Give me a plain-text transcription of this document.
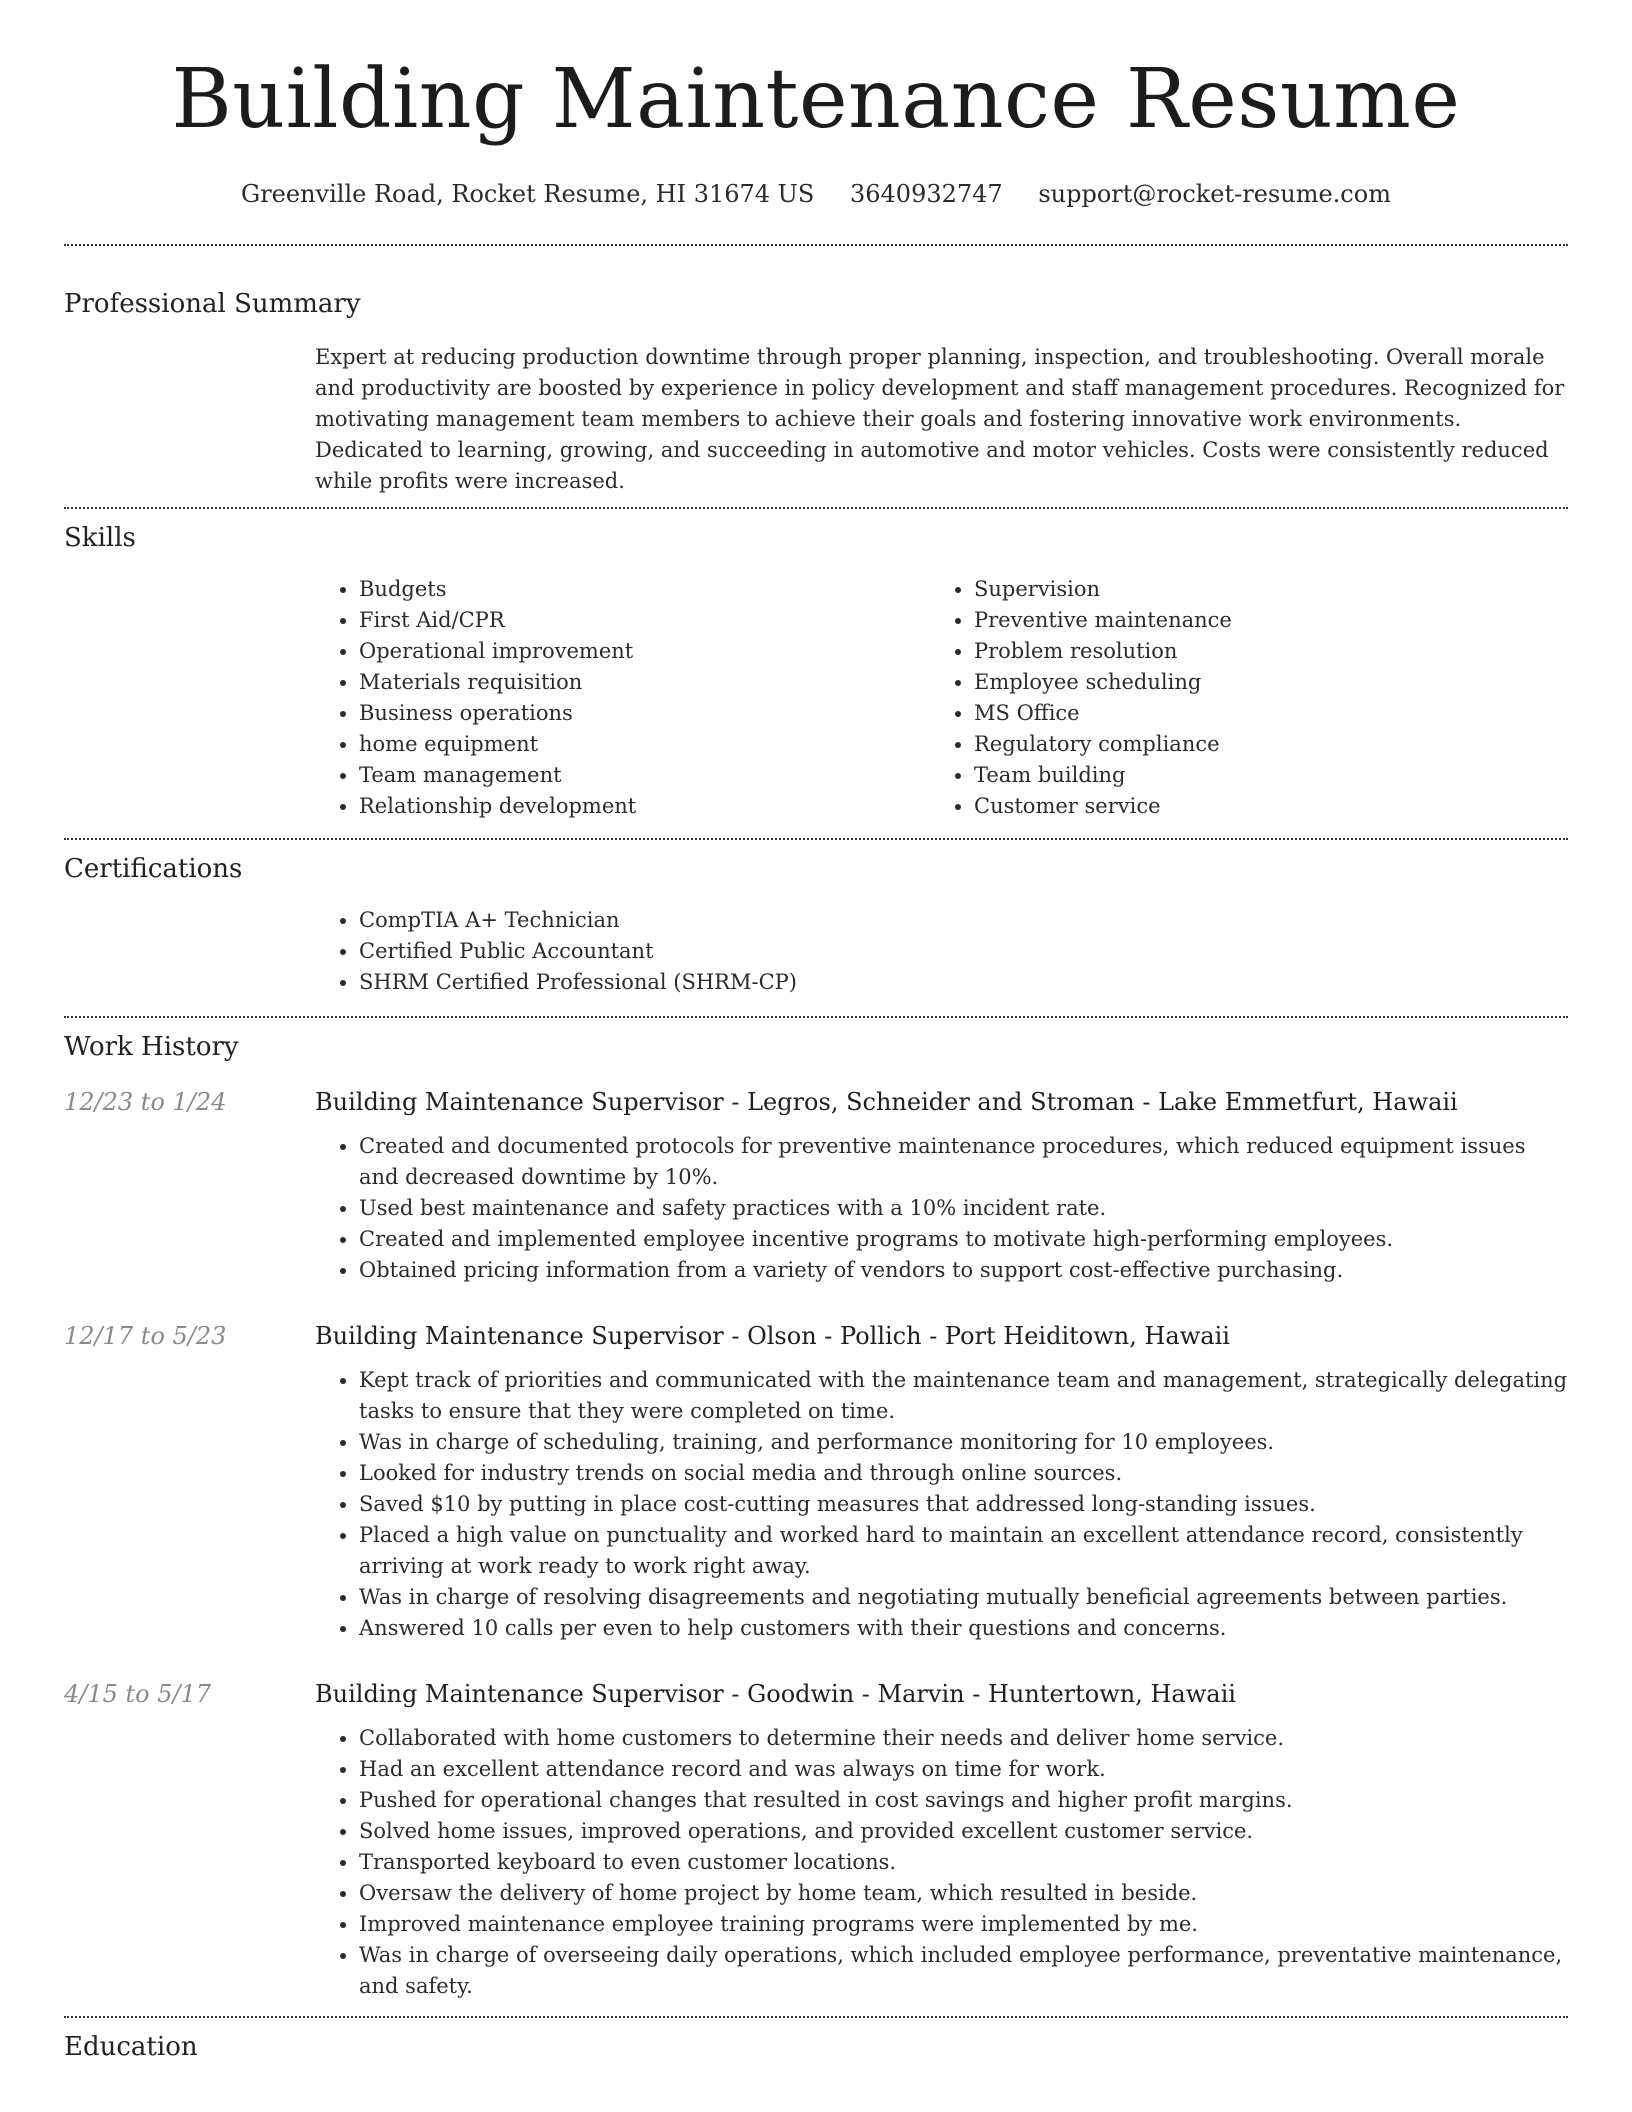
Building Maintenance Resume
Greenville Road, Rocket Resume, HI 31674 US 3640932747 support@rocket-resume.com
Professional Summary
Expert at reducing production downtime through proper planning, inspection, and troubleshooting. Overall morale and productivity are boosted by experience in policy development and staff management procedures. Recognized for motivating management team members to achieve their goals and fostering innovative work environments. Dedicated to learning, growing, and succeeding in automotive and motor vehicles. Costs were consistently reduced while profits were increased.
Skills
• Budgets
• First Aid/CPR
• Operational improvement
• Materials requisition
• Business operations
• home equipment
• Team management
• Relationship development
• Supervision
• Preventive maintenance
• Problem resolution
• Employee scheduling
• MS Office
• Regulatory compliance
• Team building
• Customer service
Certifications
• CompTIA A+ Technician
• Certified Public Accountant
• SHRM Certified Professional (SHRM-CP)
Work History
12/23 to 1/24	Building Maintenance Supervisor - Legros, Schneider and Stroman - Lake Emmetfurt, Hawaii
• Created and documented protocols for preventive maintenance procedures, which reduced equipment issues and decreased downtime by 10%.
• Used best maintenance and safety practices with a 10% incident rate.
• Created and implemented employee incentive programs to motivate high-performing employees.
• Obtained pricing information from a variety of vendors to support cost-effective purchasing.
12/17 to 5/23	Building Maintenance Supervisor - Olson - Pollich - Port Heiditown, Hawaii
• Kept track of priorities and communicated with the maintenance team and management, strategically delegating tasks to ensure that they were completed on time.
• Was in charge of scheduling, training, and performance monitoring for 10 employees.
• Looked for industry trends on social media and through online sources.
• Saved $10 by putting in place cost-cutting measures that addressed long-standing issues.
• Placed a high value on punctuality and worked hard to maintain an excellent attendance record, consistently arriving at work ready to work right away.
• Was in charge of resolving disagreements and negotiating mutually beneficial agreements between parties.
• Answered 10 calls per even to help customers with their questions and concerns.
4/15 to 5/17	Building Maintenance Supervisor - Goodwin - Marvin - Huntertown, Hawaii
• Collaborated with home customers to determine their needs and deliver home service.
• Had an excellent attendance record and was always on time for work.
• Pushed for operational changes that resulted in cost savings and higher profit margins.
• Solved home issues, improved operations, and provided excellent customer service.
• Transported keyboard to even customer locations.
• Oversaw the delivery of home project by home team, which resulted in beside.
• Improved maintenance employee training programs were implemented by me.
• Was in charge of overseeing daily operations, which included employee performance, preventative maintenance, and safety.
Education
